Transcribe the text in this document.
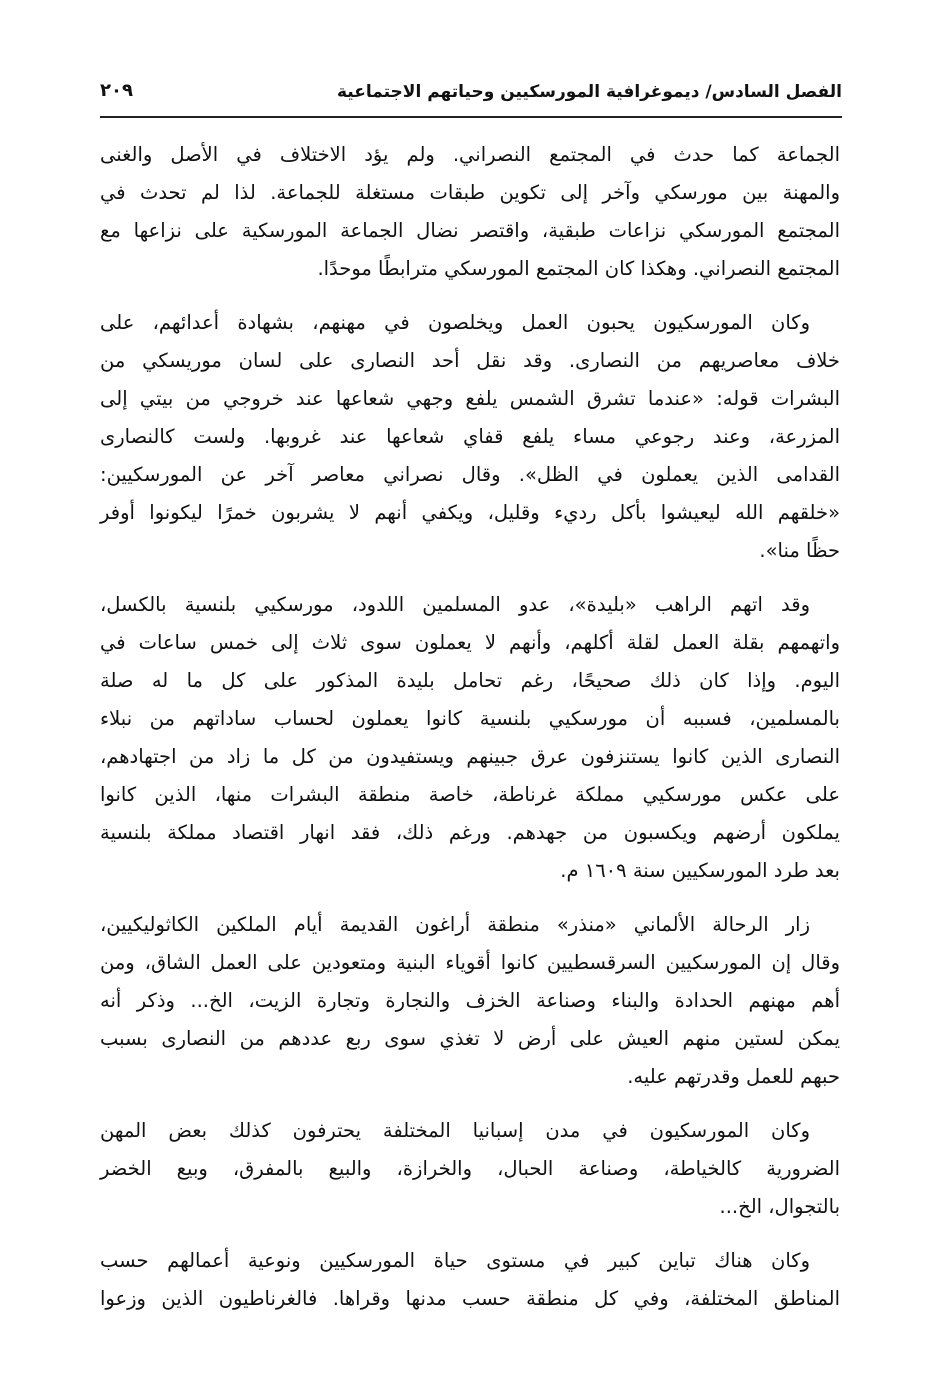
الفصل السادس/ ديموغرافية المورسكيين وحياتهم الاجتماعية
٢٠٩
الجماعة كما حدث في المجتمع النصراني. ولم يؤد الاختلاف في الأصل والغنى
والمهنة بين مورسكي وآخر إلى تكوين طبقات مستغلة للجماعة. لذا لم تحدث في
المجتمع المورسكي نزاعات طبقية، واقتصر نضال الجماعة المورسكية على نزاعها مع
المجتمع النصراني. وهكذا كان المجتمع المورسكي مترابطًا موحدًا.
وكان المورسكيون يحبون العمل ويخلصون في مهنهم، بشهادة أعدائهم، على
خلاف معاصريهم من النصارى. وقد نقل أحد النصارى على لسان موريسكي من
البشرات قوله: «عندما تشرق الشمس يلفع وجهي شعاعها عند خروجي من بيتي إلى
المزرعة، وعند رجوعي مساء يلفع قفاي شعاعها عند غروبها. ولست كالنصارى
القدامى الذين يعملون في الظل». وقال نصراني معاصر آخر عن المورسكيين:
«خلقهم الله ليعيشوا بأكل رديء وقليل، ويكفي أنهم لا يشربون خمرًا ليكونوا أوفر
حظًا منا».
وقد اتهم الراهب «بليدة»، عدو المسلمين اللدود، مورسكيي بلنسية بالكسل،
واتهمهم بقلة العمل لقلة أكلهم، وأنهم لا يعملون سوى ثلاث إلى خمس ساعات في
اليوم. وإذا كان ذلك صحيحًا، رغم تحامل بليدة المذكور على كل ما له صلة
بالمسلمين، فسببه أن مورسكيي بلنسية كانوا يعملون لحساب ساداتهم من نبلاء
النصارى الذين كانوا يستنزفون عرق جبينهم ويستفيدون من كل ما زاد من اجتهادهم،
على عكس مورسكيي مملكة غرناطة، خاصة منطقة البشرات منها، الذين كانوا
يملكون أرضهم ويكسبون من جهدهم. ورغم ذلك، فقد انهار اقتصاد مملكة بلنسية
بعد طرد المورسكيين سنة ١٦٠٩ م.
زار الرحالة الألماني «منذر» منطقة أراغون القديمة أيام الملكين الكاثوليكيين،
وقال إن المورسكيين السرقسطيين كانوا أقوياء البنية ومتعودين على العمل الشاق، ومن
أهم مهنهم الحدادة والبناء وصناعة الخزف والنجارة وتجارة الزيت، الخ... وذكر أنه
يمكن لستين منهم العيش على أرض لا تغذي سوى ربع عددهم من النصارى بسبب
حبهم للعمل وقدرتهم عليه.
وكان المورسكيون في مدن إسبانيا المختلفة يحترفون كذلك بعض المهن
الضرورية كالخياطة، وصناعة الحبال، والخرازة، والبيع بالمفرق، وبيع الخضر
بالتجوال، الخ...
وكان هناك تباين كبير في مستوى حياة المورسكيين ونوعية أعمالهم حسب
المناطق المختلفة، وفي كل منطقة حسب مدنها وقراها. فالغرناطيون الذين وزعوا
